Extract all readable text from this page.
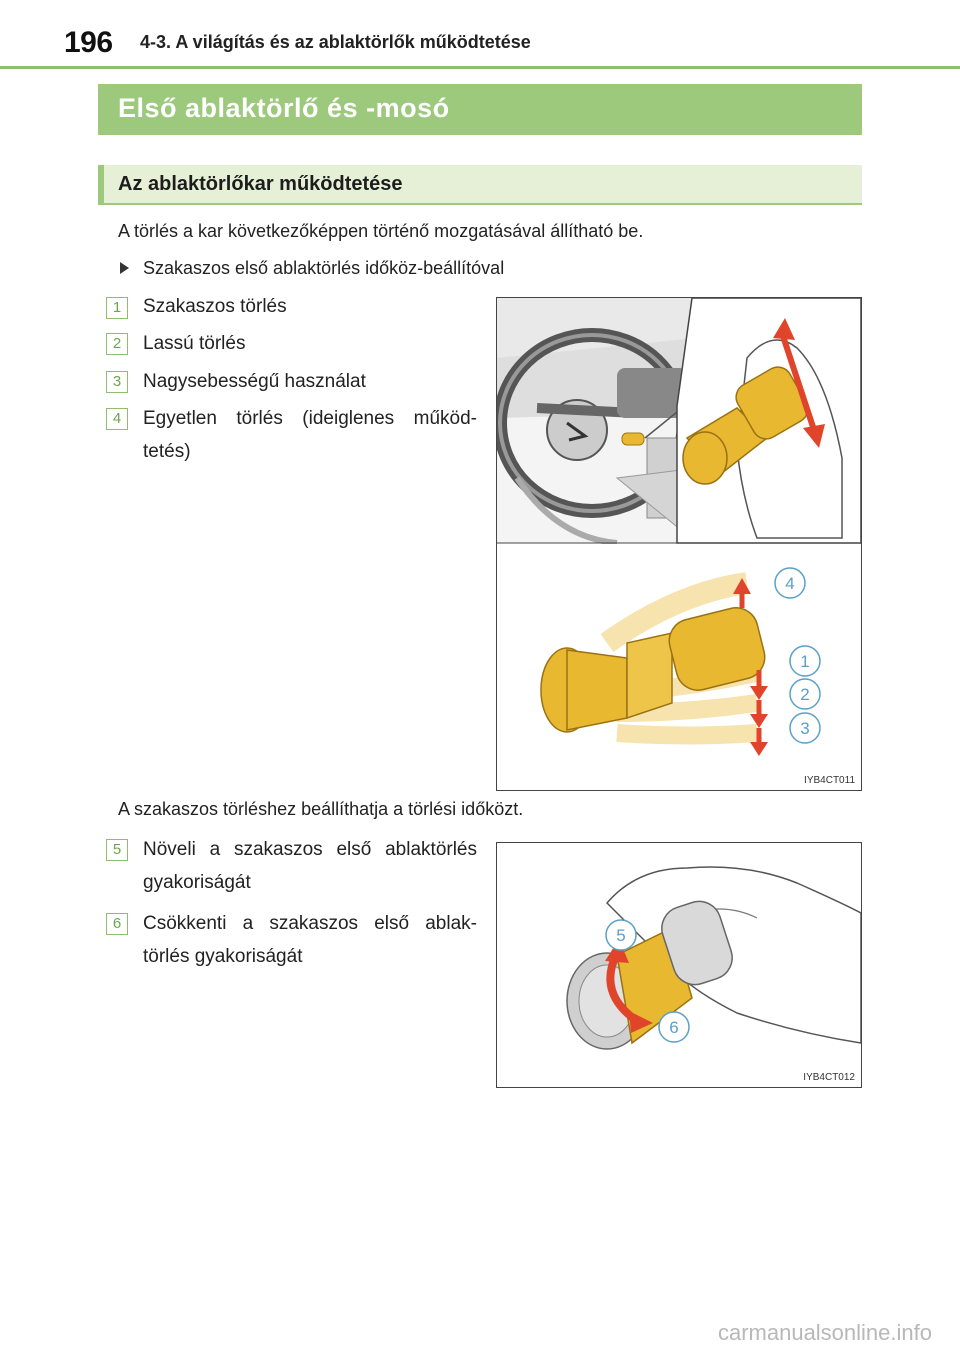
196 4-3. A világítás és az ablaktörlők működtetése
Első ablaktörlő és -mosó
Az ablaktörlőkar működtetése
A törlés a kar következőképpen történő mozgatásával állítható be.
Szakaszos első ablaktörlés időköz-beállítóval
1	Szakaszos törlés
2	Lassú törlés
3	Nagysebességű használat
4	Egyetlen törlés (ideiglenes működ-
tetés)
4
1
2
3
IYB4CT011
A szakaszos törléshez beállíthatja a törlési időközt.
5	Növeli a szakaszos első ablaktörlés
gyakoriságát
6	Csökkenti a szakaszos első ablak-
törlés gyakoriságát
5
6
IYB4CT012
carmanualsonline.info
